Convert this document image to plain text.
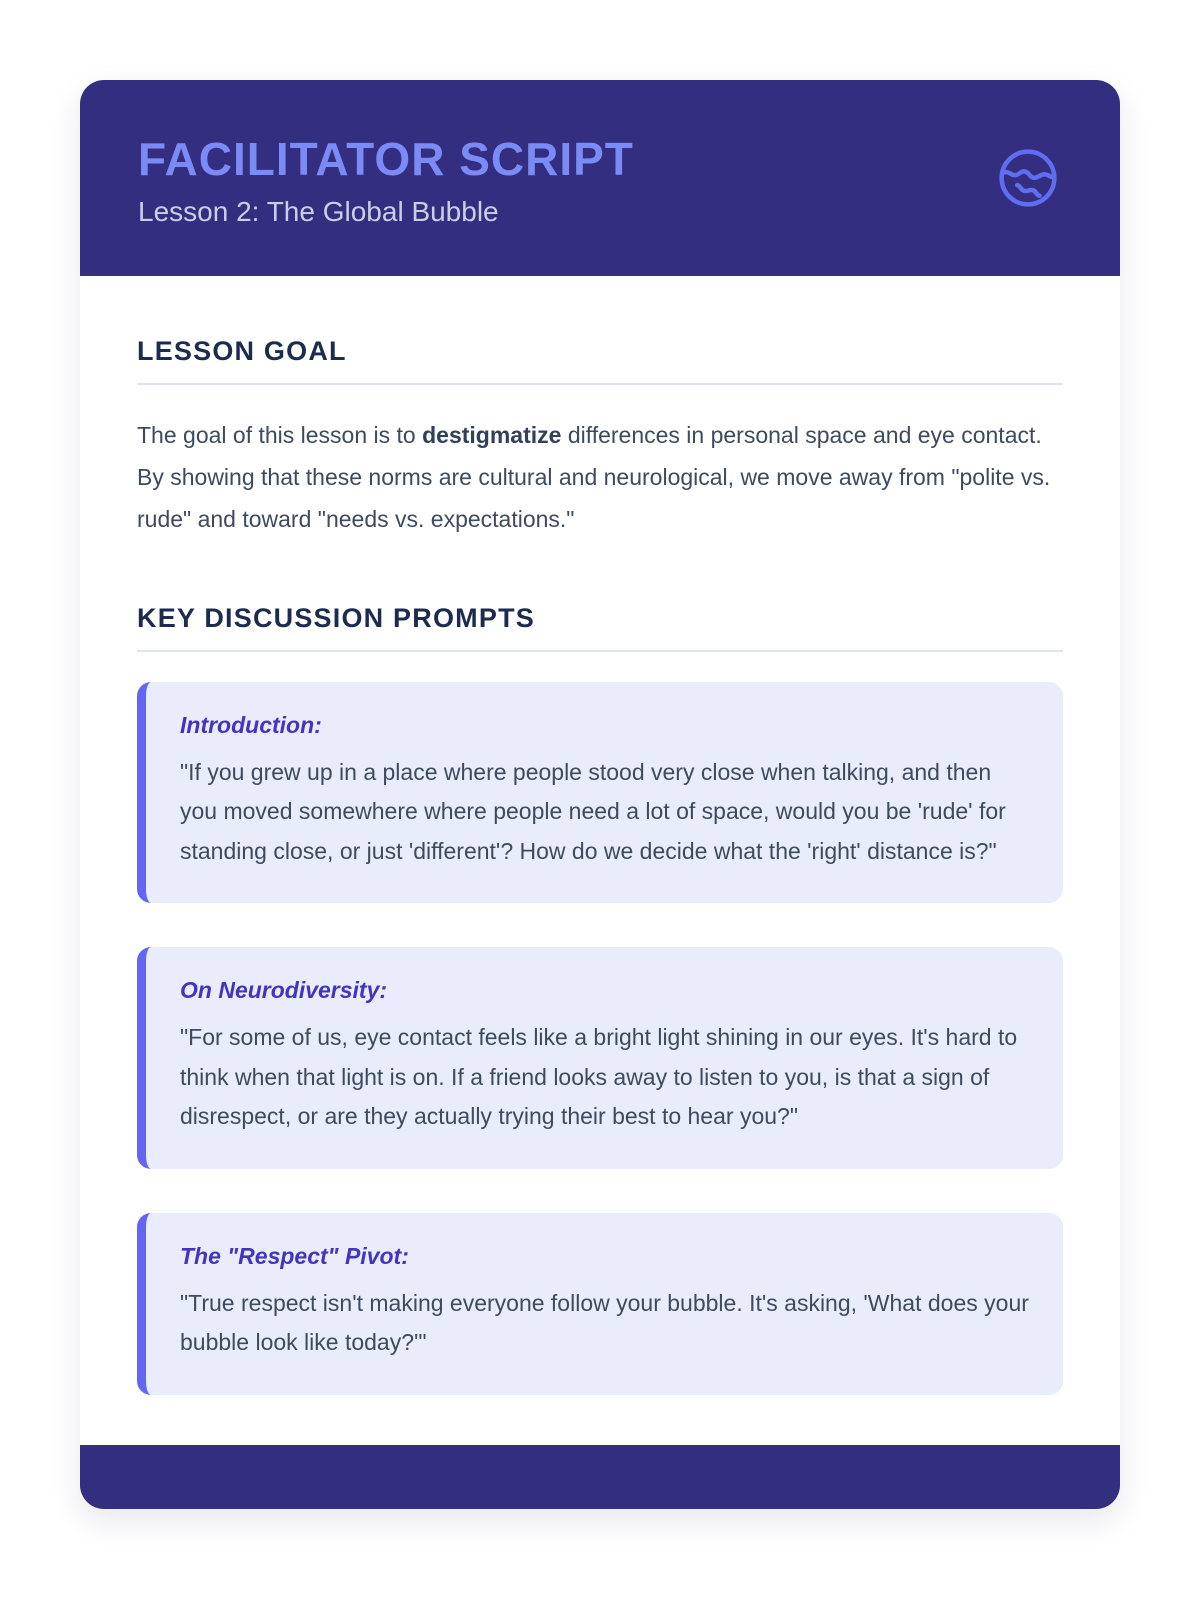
FACILITATOR SCRIPT

Lesson 2: The Global Bubble

LESSON GOAL

The goal of this lesson is to destigmatize differences in personal space and eye contact. By showing that these norms are cultural and neurological, we move away from "polite vs. rude" and toward "needs vs. expectations."

KEY DISCUSSION PROMPTS

Introduction:

"If you grew up in a place where people stood very close when talking, and then you moved somewhere where people need a lot of space, would you be 'rude' for standing close, or just 'different'? How do we decide what the 'right' distance is?"

On Neurodiversity:

"For some of us, eye contact feels like a bright light shining in our eyes. It's hard to think when that light is on. If a friend looks away to listen to you, is that a sign of disrespect, or are they actually trying their best to hear you?"

The "Respect" Pivot:

"True respect isn't making everyone follow your bubble. It's asking, 'What does your bubble look like today?'"
